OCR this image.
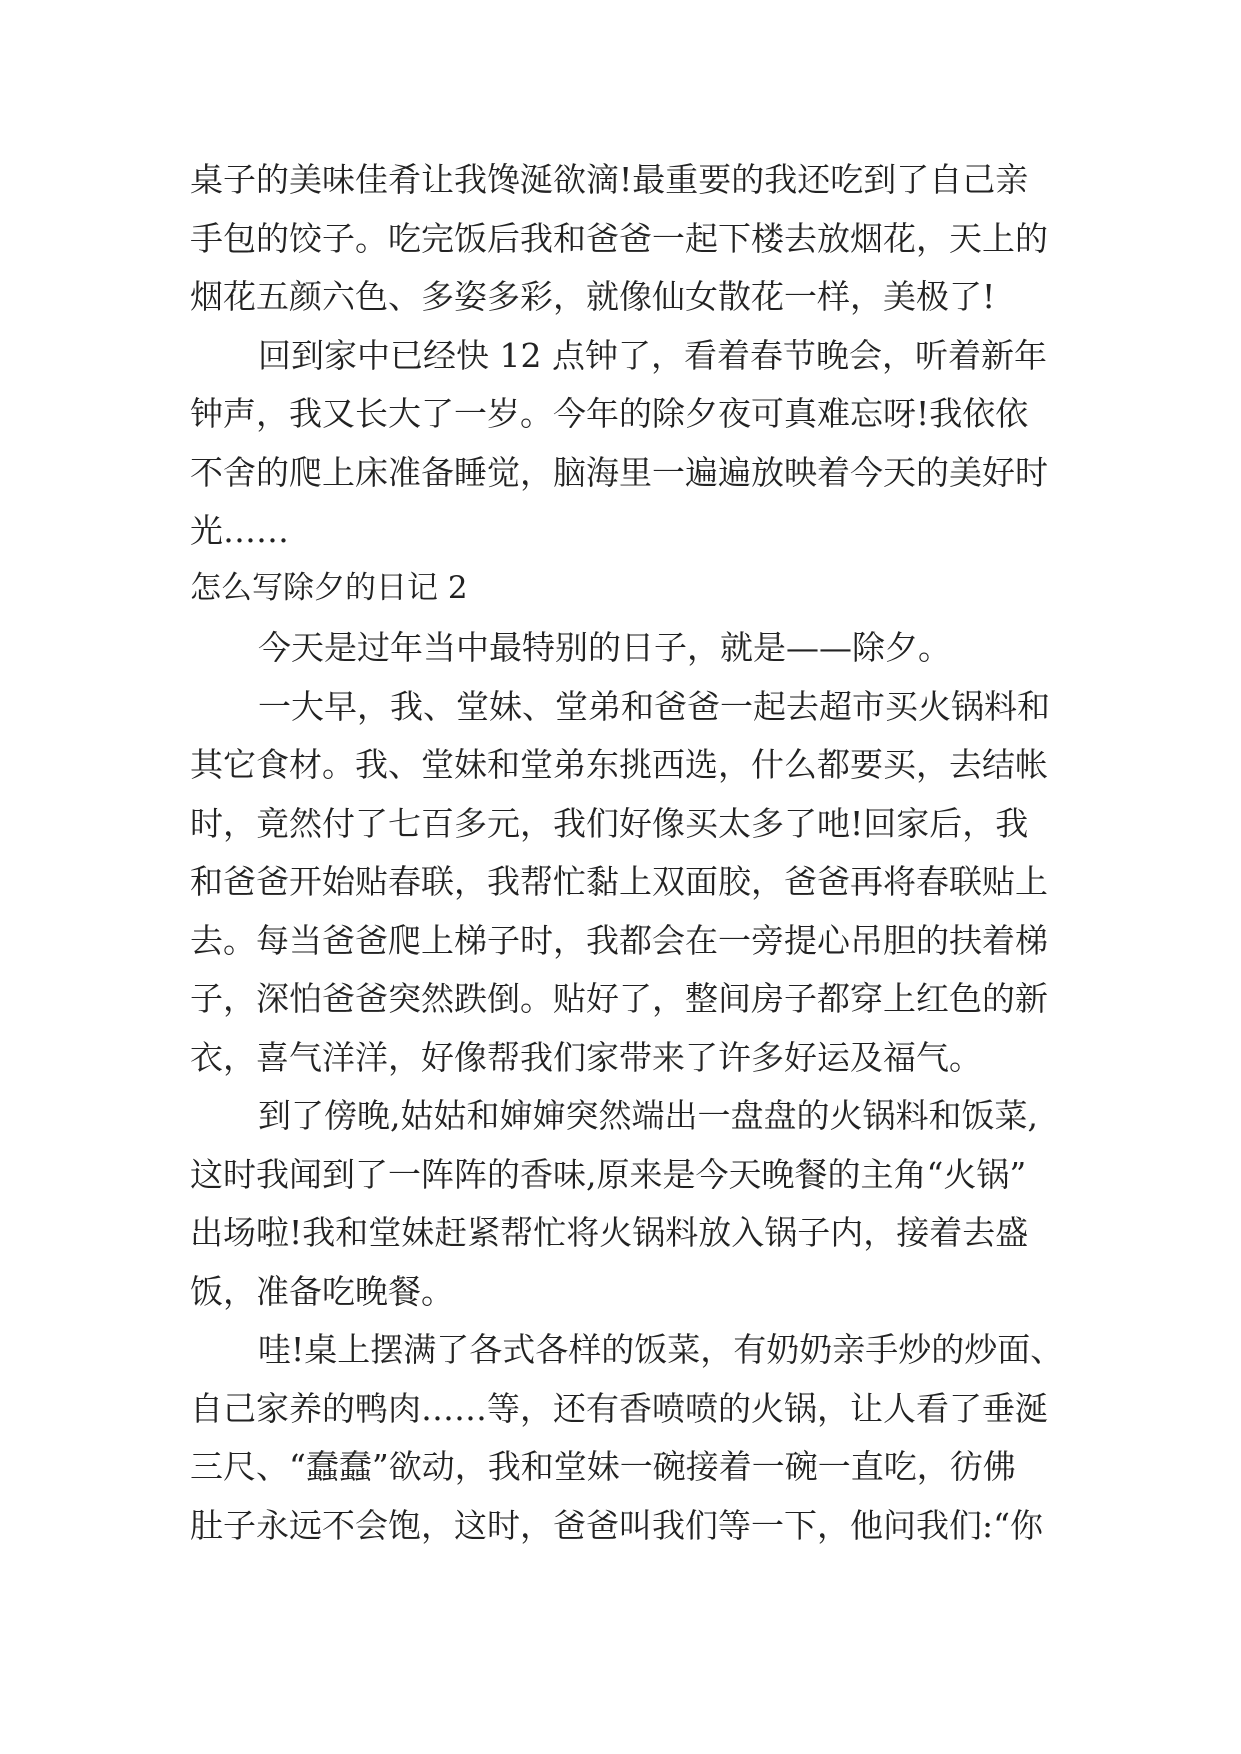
桌子的美味佳肴让我馋涎欲滴!最重要的我还吃到了自己亲
手包的饺子。吃完饭后我和爸爸一起下楼去放烟花，天上的
烟花五颜六色、多姿多彩，就像仙女散花一样，美极了!
回到家中已经快 12 点钟了，看着春节晚会，听着新年
钟声，我又长大了一岁。今年的除夕夜可真难忘呀!我依依
不舍的爬上床准备睡觉，脑海里一遍遍放映着今天的美好时
光……
怎么写除夕的日记 2
今天是过年当中最特别的日子，就是——除夕。
一大早，我、堂妹、堂弟和爸爸一起去超市买火锅料和
其它食材。我、堂妹和堂弟东挑西选，什么都要买，去结帐
时，竟然付了七百多元，我们好像买太多了吔!回家后，我
和爸爸开始贴春联，我帮忙黏上双面胶，爸爸再将春联贴上
去。每当爸爸爬上梯子时，我都会在一旁提心吊胆的扶着梯
子，深怕爸爸突然跌倒。贴好了，整间房子都穿上红色的新
衣，喜气洋洋，好像帮我们家带来了许多好运及福气。
到了傍晚,姑姑和婶婶突然端出一盘盘的火锅料和饭菜,
这时我闻到了一阵阵的香味,原来是今天晚餐的主角“火锅”
出场啦!我和堂妹赶紧帮忙将火锅料放入锅子内，接着去盛
饭，准备吃晚餐。
哇!桌上摆满了各式各样的饭菜，有奶奶亲手炒的炒面、
自己家养的鸭肉……等，还有香喷喷的火锅，让人看了垂涎
三尺、“蠢蠢”欲动，我和堂妹一碗接着一碗一直吃，彷佛
肚子永远不会饱，这时，爸爸叫我们等一下，他问我们:“你
